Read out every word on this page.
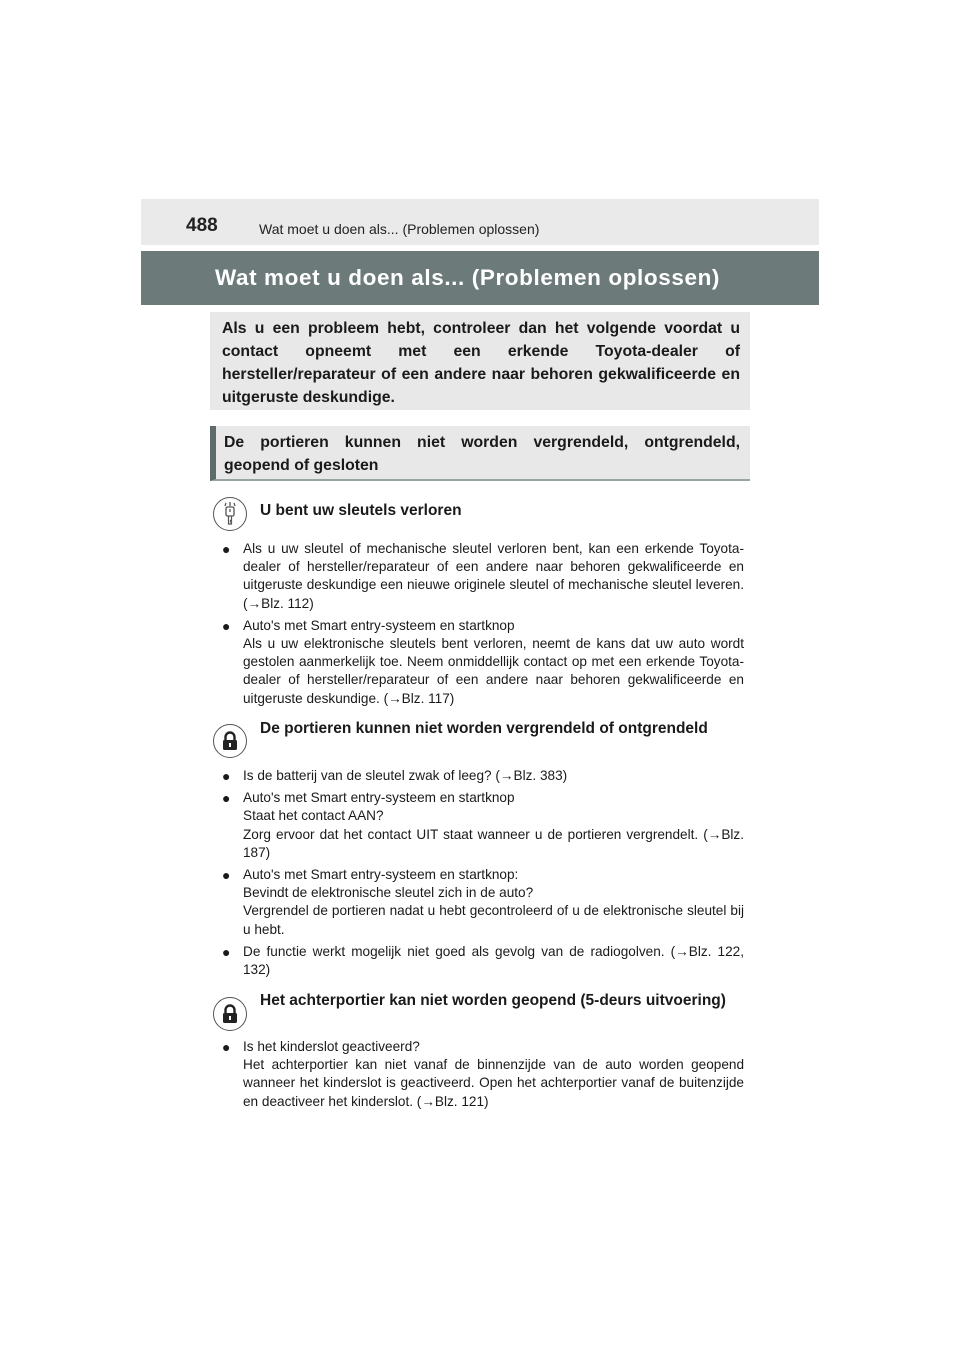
488	Wat moet u doen als... (Problemen oplossen)
Wat moet u doen als... (Problemen oplossen)
Als u een probleem hebt, controleer dan het volgende voordat u contact opneemt met een erkende Toyota-dealer of hersteller/reparateur of een andere naar behoren gekwalificeerde en uitgeruste deskundige.
De portieren kunnen niet worden vergrendeld, ontgrendeld, geopend of gesloten
U bent uw sleutels verloren
● Als u uw sleutel of mechanische sleutel verloren bent, kan een erkende Toyota-dealer of hersteller/reparateur of een andere naar behoren gekwalificeerde en uitgeruste deskundige een nieuwe originele sleutel of mechanische sleutel leveren. (→Blz. 112)
● Auto's met Smart entry-systeem en startknop
Als u uw elektronische sleutels bent verloren, neemt de kans dat uw auto wordt gestolen aanmerkelijk toe. Neem onmiddellijk contact op met een erkende Toyota-dealer of hersteller/reparateur of een andere naar behoren gekwalificeerde en uitgeruste deskundige. (→Blz. 117)
De portieren kunnen niet worden vergrendeld of ontgrendeld
● Is de batterij van de sleutel zwak of leeg? (→Blz. 383)
● Auto's met Smart entry-systeem en startknop
Staat het contact AAN?
Zorg ervoor dat het contact UIT staat wanneer u de portieren vergrendelt. (→Blz. 187)
● Auto's met Smart entry-systeem en startknop:
Bevindt de elektronische sleutel zich in de auto?
Vergrendel de portieren nadat u hebt gecontroleerd of u de elektronische sleutel bij u hebt.
● De functie werkt mogelijk niet goed als gevolg van de radiogolven. (→Blz. 122, 132)
Het achterportier kan niet worden geopend (5-deurs uitvoering)
● Is het kinderslot geactiveerd?
Het achterportier kan niet vanaf de binnenzijde van de auto worden geopend wanneer het kinderslot is geactiveerd. Open het achterportier vanaf de buitenzijde en deactiveer het kinderslot. (→Blz. 121)
